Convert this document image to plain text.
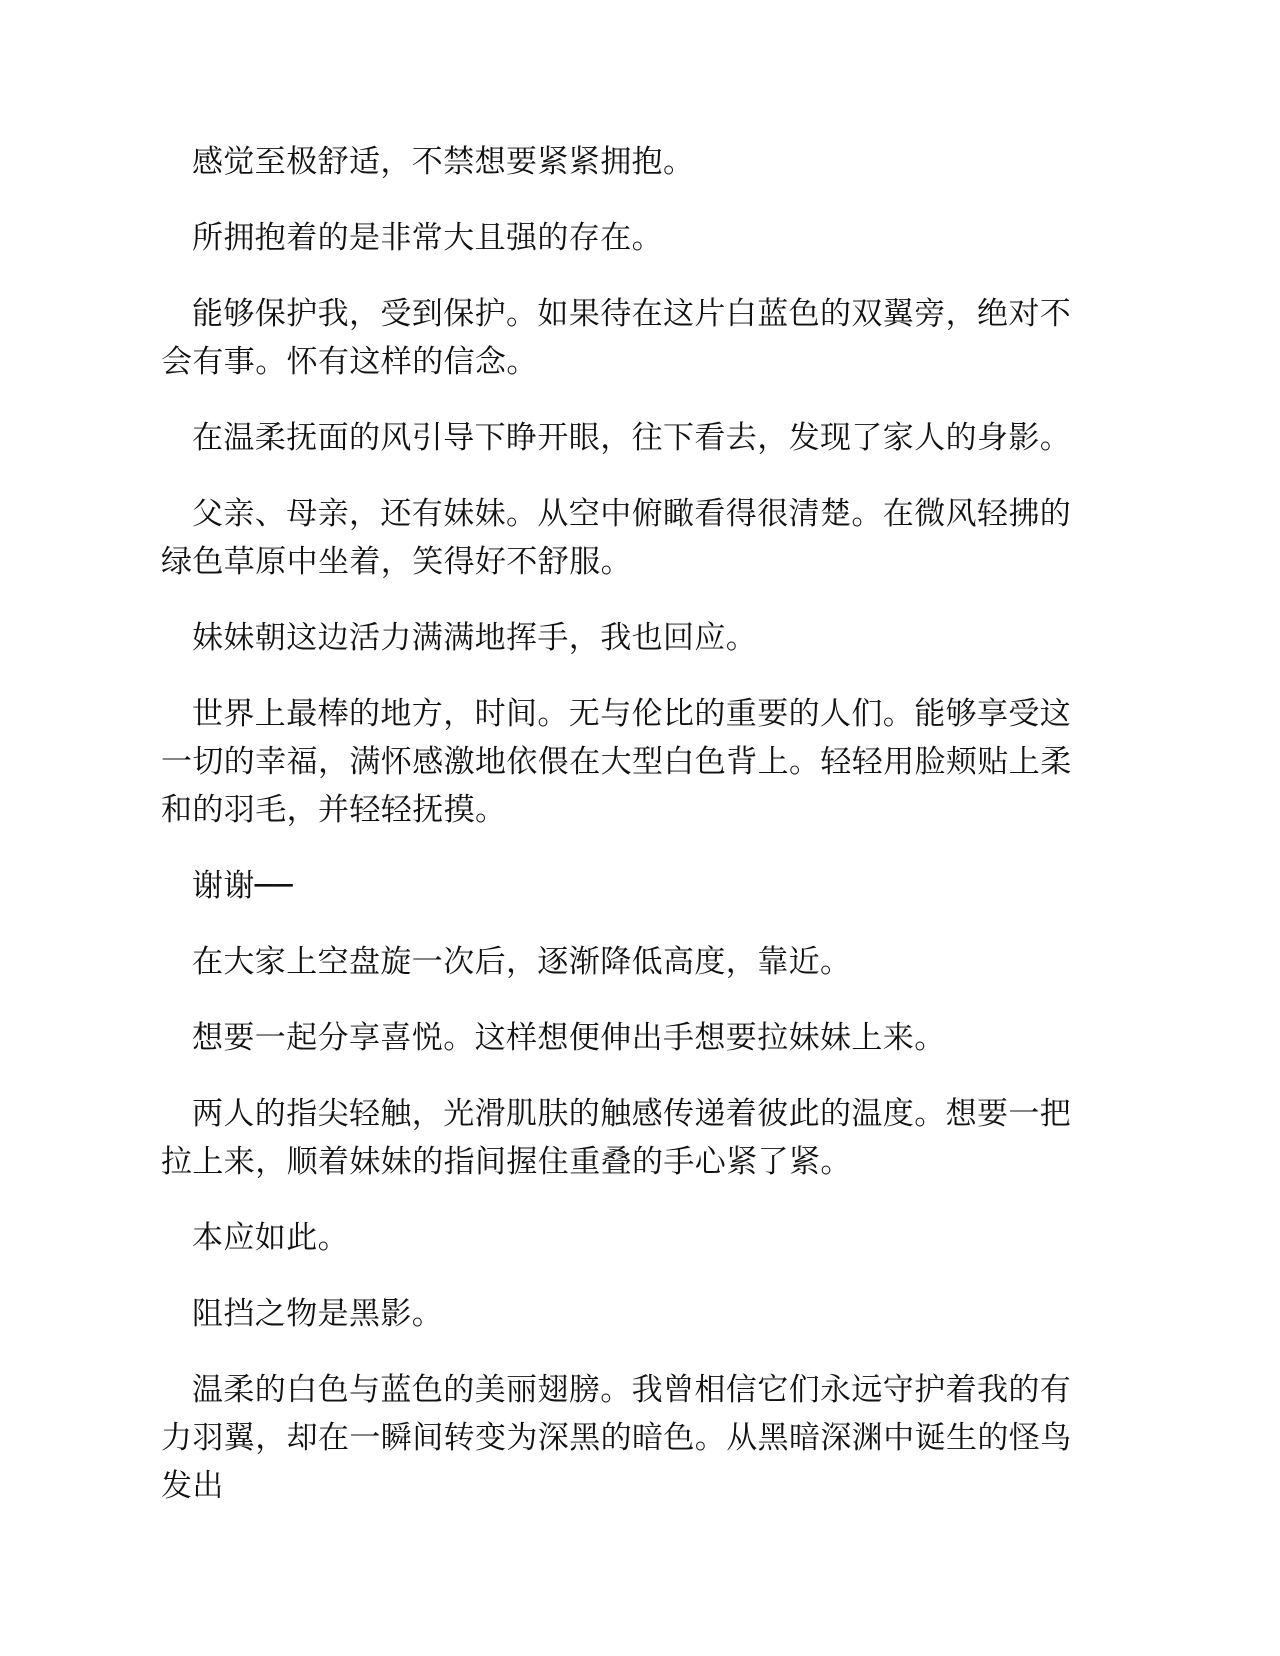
感觉至极舒适，不禁想要紧紧拥抱。

所拥抱着的是非常大且强的存在。

能够保护我，受到保护。如果待在这片白蓝色的双翼旁，绝对不会有事。怀有这样的信念。

在温柔抚面的风引导下睁开眼，往下看去，发现了家人的身影。

父亲、母亲，还有妹妹。从空中俯瞰看得很清楚。在微风轻拂的绿色草原中坐着，笑得好不舒服。

妹妹朝这边活力满满地挥手，我也回应。

世界上最棒的地方，时间。无与伦比的重要的人们。能够享受这一切的幸福，满怀感激地依偎在大型白色背上。轻轻用脸颊贴上柔和的羽毛，并轻轻抚摸。

谢谢──

在大家上空盘旋一次后，逐渐降低高度，靠近。

想要一起分享喜悦。这样想便伸出手想要拉妹妹上来。

两人的指尖轻触，光滑肌肤的触感传递着彼此的温度。想要一把拉上来，顺着妹妹的指间握住重叠的手心紧了紧。

本应如此。

阻挡之物是黑影。

温柔的白色与蓝色的美丽翅膀。我曾相信它们永远守护着我的有力羽翼，却在一瞬间转变为深黑的暗色。从黑暗深渊中诞生的怪鸟发出
